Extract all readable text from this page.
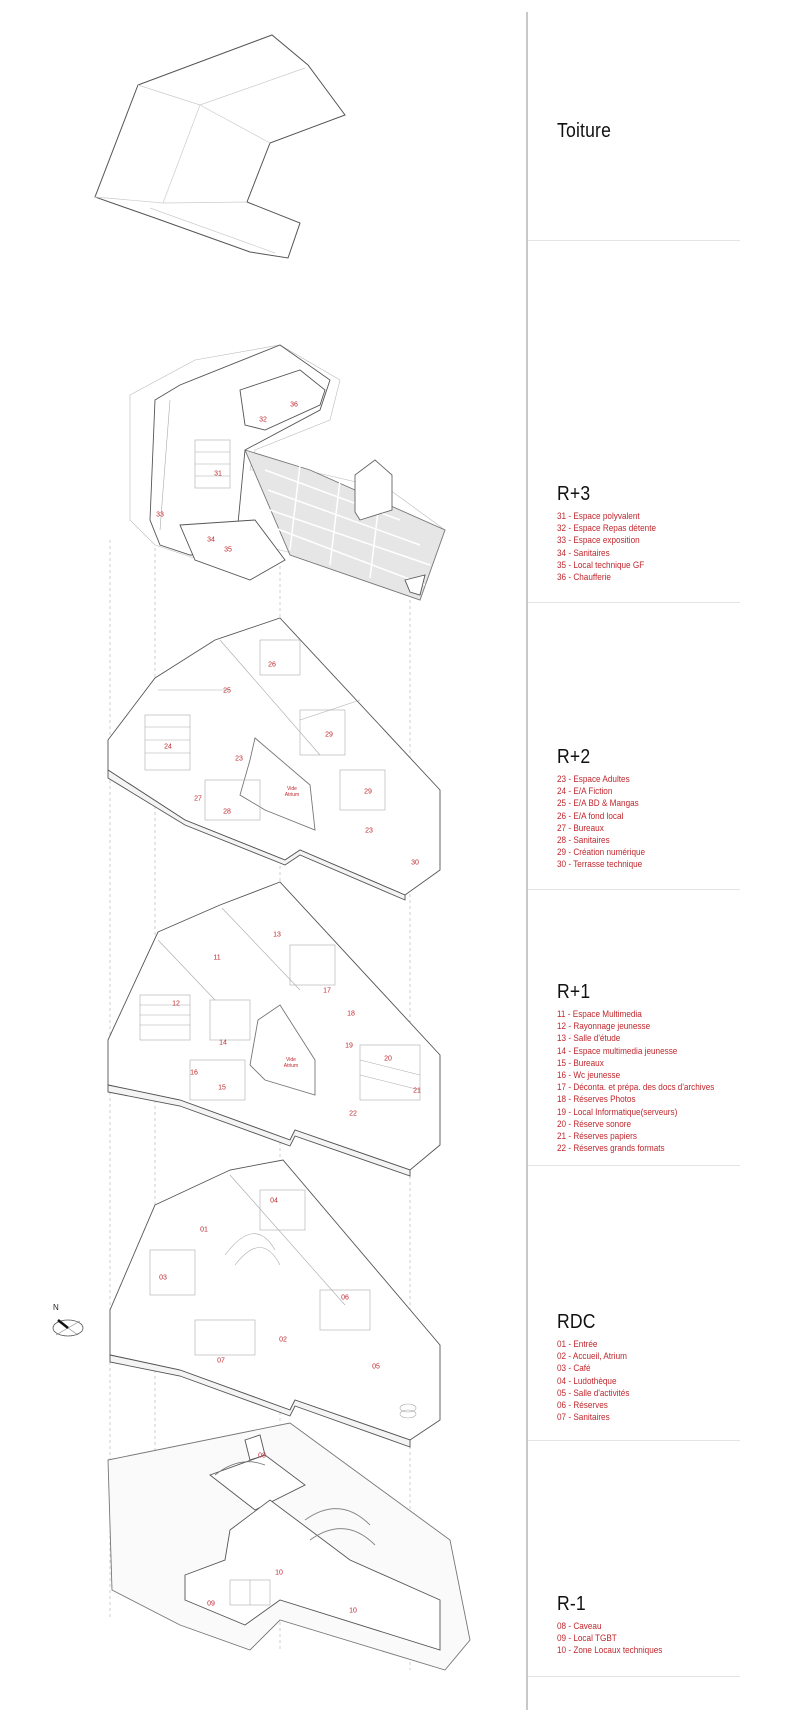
31
32
33
34
35
36
23
24
25
26
27
28
29
29
23
30
Vide
Atrium
11
12
13
14
15
16
17
18
19
20
21
22
Vide
Atrium
01
02
03
04
05
06
07
08
09
10
10
N
Toiture
R+3
31 - Espace polyvalent
32 - Espace Repas détente
33 - Espace exposition
34 - Sanitaires
35 - Local technique GF
36 - Chaufferie
R+2
23 - Espace Adultes
24 - E/A Fiction
25 - E/A BD & Mangas
26 - E/A fond local
27 - Bureaux
28 - Sanitaires
29 - Création numérique
30 - Terrasse technique
R+1
11 - Espace Multimedia
12 - Rayonnage jeunesse
13 - Salle d'étude
14 - Espace multimedia jeunesse
15 - Bureaux
16 - Wc jeunesse
17 - Déconta. et prépa. des docs d'archives
18 - Réserves Photos
19 - Local Informatique(serveurs)
20 - Réserve sonore
21 - Réserves papiers
22 - Réserves grands formats
RDC
01 - Entrée
02 - Accueil, Atrium
03 - Café
04 - Ludothèque
05 - Salle d'activités
06 - Réserves
07 - Sanitaires
R-1
08 - Caveau
09 - Local TGBT
10 - Zone Locaux techniques
